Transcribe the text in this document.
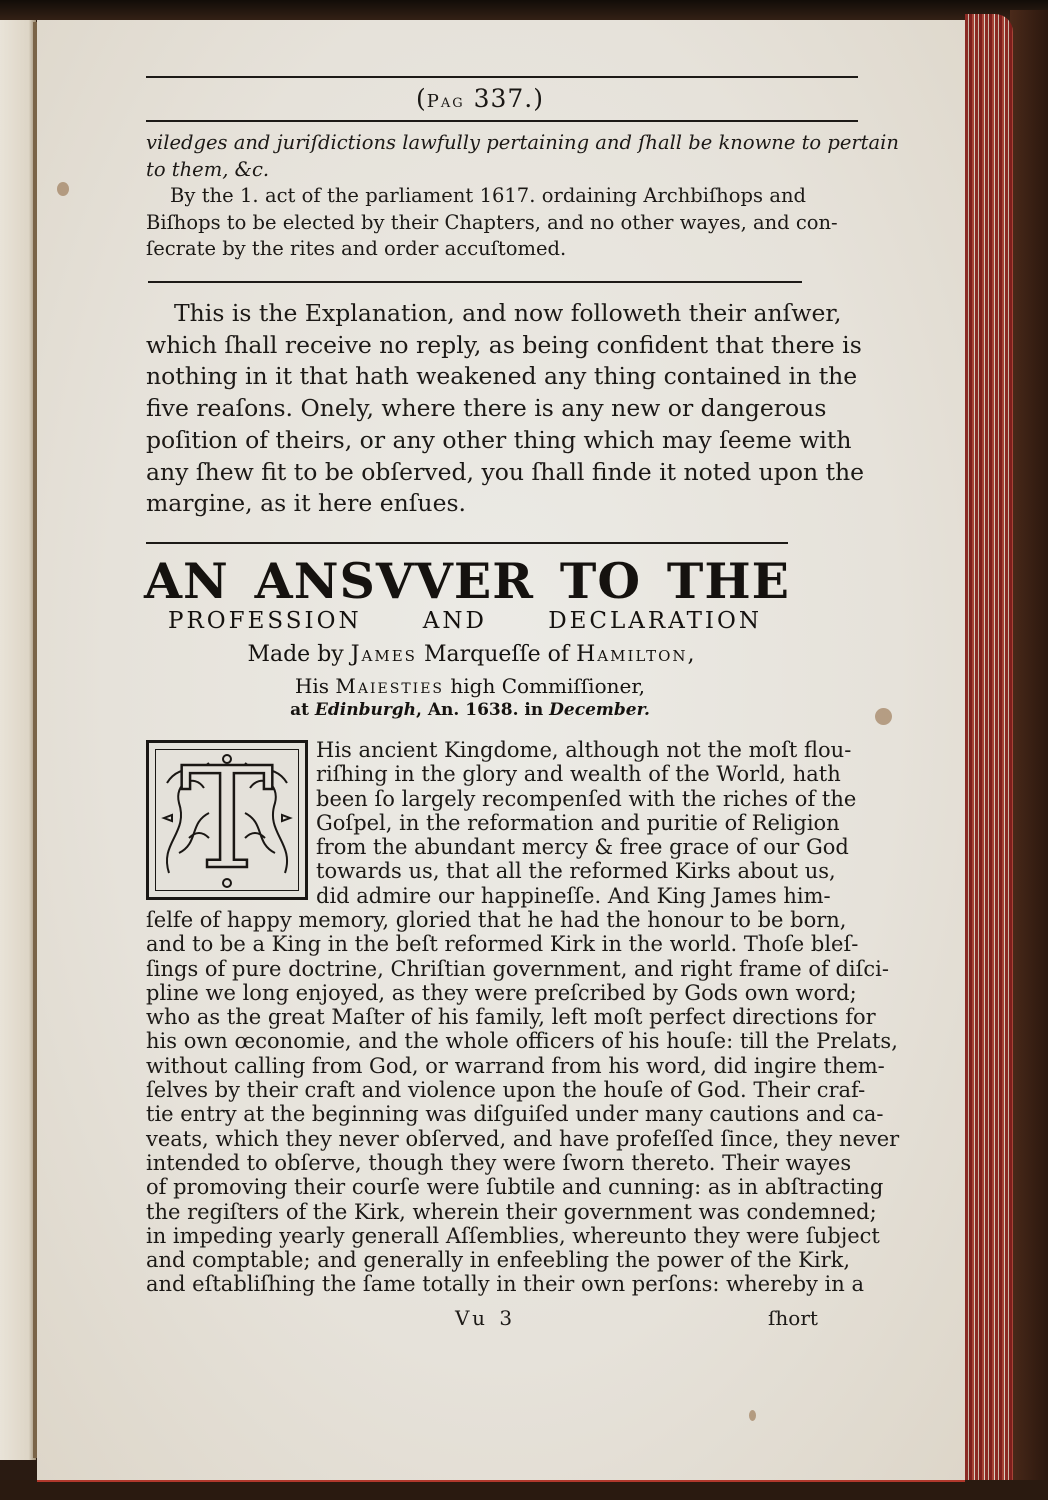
(Pag 337.)
viledges and juriſdictions lawfully pertaining and ſhall be knowne to pertain
to them, &c.
By the 1. act of the parliament 1617. ordaining Archbiſhops and
Biſhops to be elected by their Chapters, and no other wayes, and con-
ſecrate by the rites and order accuſtomed.
This is the Explanation, and now followeth their anſwer,
which ſhall receive no reply, as being confident that there is
nothing in it that hath weakened any thing contained in the
five reaſons. Onely, where there is any new or dangerous
poſition of theirs, or any other thing which may ſeeme with
any ſhew fit to be obſerved, you ſhall finde it noted upon the
margine, as it here enſues.
AN ANSVVER TO THE
PROFESSION AND DECLARATION
Made by James Marqueſſe of Hamilton,
His Maiesties high Commiſſioner,
at Edinburgh, An. 1638. in December.
T	His ancient Kingdome, although not the moſt flou-
riſhing in the glory and wealth of the World, hath
been ſo largely recompenſed with the riches of the
Goſpel, in the reformation and puritie of Religion
from the abundant mercy & free grace of our God
towards us, that all the reformed Kirks about us,
did admire our happineſſe. And King James him-
ſelfe of happy memory, gloried that he had the honour to be born,
and to be a King in the beſt reformed Kirk in the world. Thoſe bleſ-
ſings of pure doctrine, Chriſtian government, and right frame of diſci-
pline we long enjoyed, as they were preſcribed by Gods own word;
who as the great Maſter of his family, left moſt perfect directions for
his own œconomie, and the whole officers of his houſe: till the Prelats,
without calling from God, or warrand from his word, did ingire them-
ſelves by their craft and violence upon the houſe of God. Their craf-
tie entry at the beginning was diſguiſed under many cautions and ca-
veats, which they never obſerved, and have profeſſed ſince, they never
intended to obſerve, though they were ſworn thereto. Their wayes
of promoving their courſe were ſubtile and cunning: as in abſtracting
the regiſters of the Kirk, wherein their government was condemned;
in impeding yearly generall Aſſemblies, whereunto they were ſubject
and comptable; and generally in enfeebling the power of the Kirk,
and eſtabliſhing the ſame totally in their own perſons: whereby in a
Vu 3	ſhort
